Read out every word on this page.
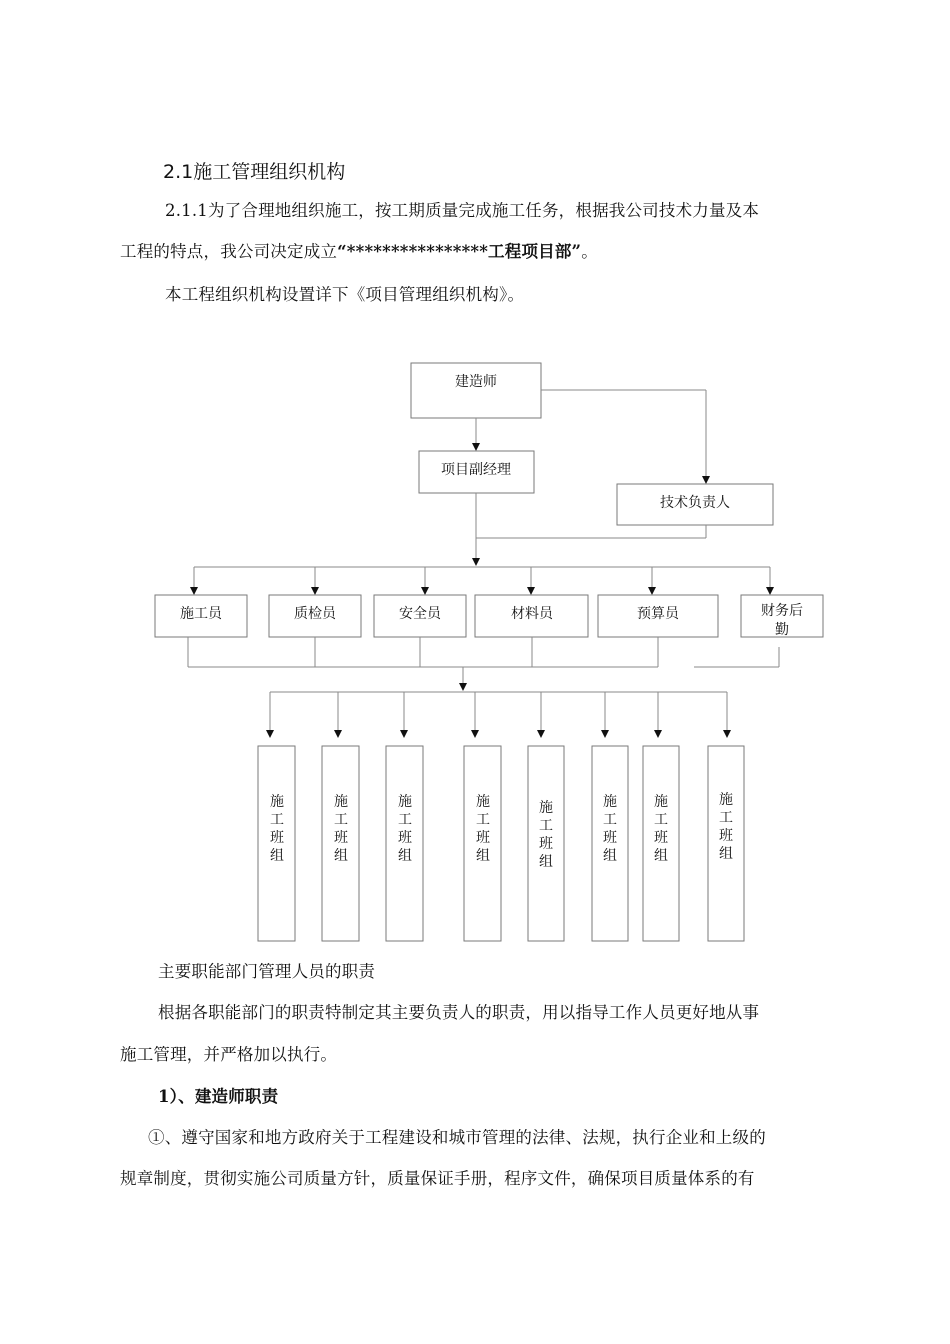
2.1施工管理组织机构
2.1.1为了合理地组织施工，按工期质量完成施工任务，根据我公司技术力量及本
工程的特点，我公司决定成立“****************工程项目部”。
本工程组织机构设置详下《项目管理组织机构》。
建造师
项目副经理
技术负责人
施工员	质检员	安全员	材料员	预算员	财务后
勤
施工班组
施工班组
施工班组
施工班组
施工班组
施工班组
施工班组
施工班组
主要职能部门管理人员的职责
根据各职能部门的职责特制定其主要负责人的职责，用以指导工作人员更好地从事
施工管理，并严格加以执行。
1）、建造师职责
①、遵守国家和地方政府关于工程建设和城市管理的法律、法规，执行企业和上级的
规章制度，贯彻实施公司质量方针，质量保证手册，程序文件，确保项目质量体系的有
